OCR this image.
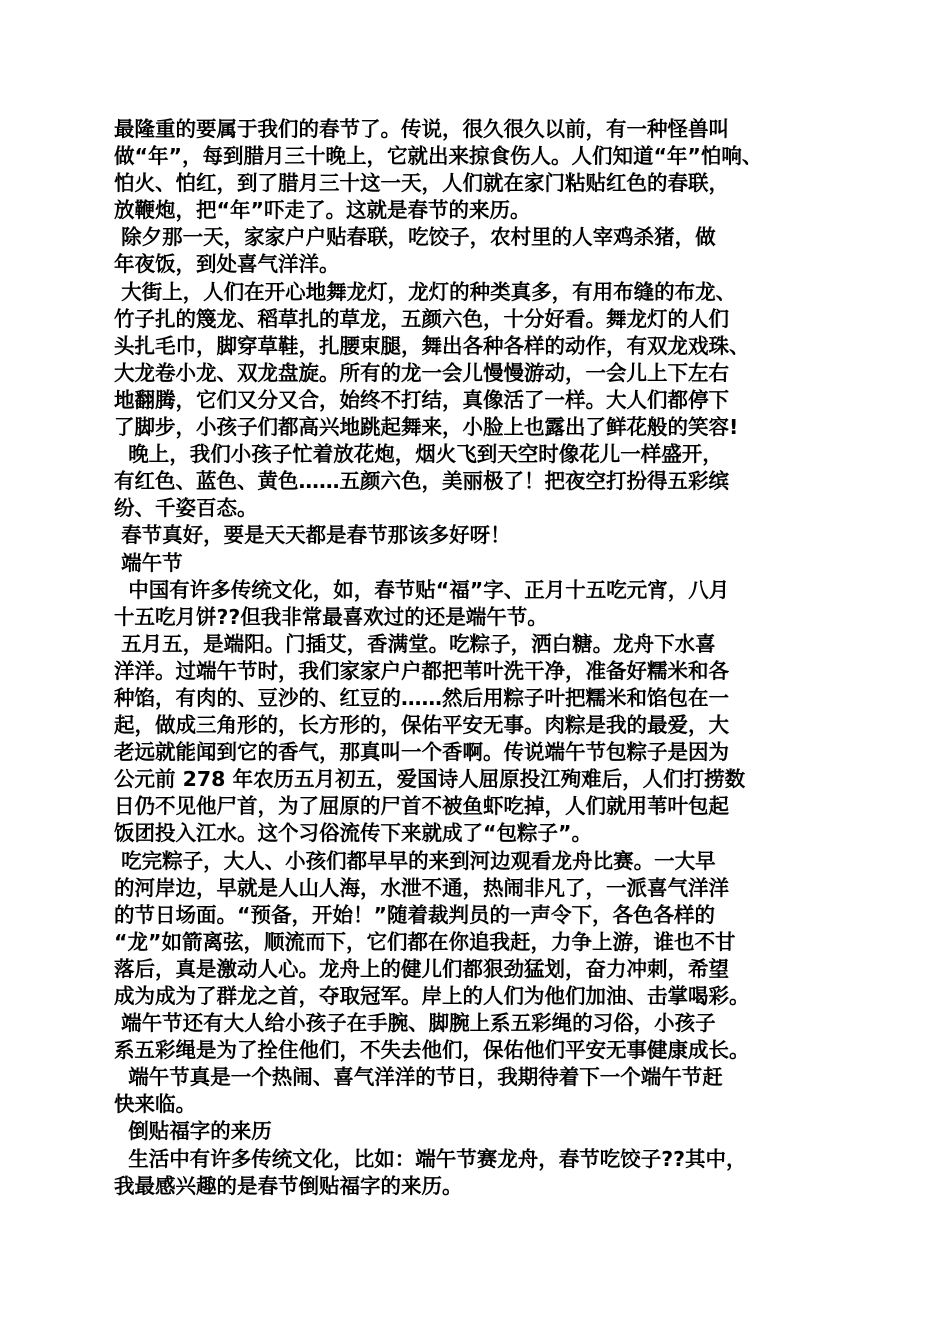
最隆重的要属于我们的春节了。传说，很久很久以前，有一种怪兽叫
做“年”，每到腊月三十晚上，它就出来掠食伤人。人们知道“年”怕响、
怕火、怕红，到了腊月三十这一天，人们就在家门粘贴红色的春联，
放鞭炮，把“年”吓走了。这就是春节的来历。
除夕那一天，家家户户贴春联，吃饺子，农村里的人宰鸡杀猪，做
年夜饭，到处喜气洋洋。
大街上，人们在开心地舞龙灯，龙灯的种类真多，有用布缝的布龙、
竹子扎的篾龙、稻草扎的草龙，五颜六色，十分好看。舞龙灯的人们
头扎毛巾，脚穿草鞋，扎腰束腿，舞出各种各样的动作，有双龙戏珠、
大龙卷小龙、双龙盘旋。所有的龙一会儿慢慢游动，一会儿上下左右
地翻腾，它们又分又合，始终不打结，真像活了一样。大人们都停下
了脚步，小孩子们都高兴地跳起舞来，小脸上也露出了鲜花般的笑容!
晚上，我们小孩子忙着放花炮，烟火飞到天空时像花儿一样盛开，
有红色、蓝色、黄色……五颜六色，美丽极了！把夜空打扮得五彩缤
纷、千姿百态。
春节真好，要是天天都是春节那该多好呀！
端午节
中国有许多传统文化，如，春节贴“福”字、正月十五吃元宵，八月
十五吃月饼??但我非常最喜欢过的还是端午节。
五月五，是端阳。门插艾，香满堂。吃粽子，洒白糖。龙舟下水喜
洋洋。过端午节时，我们家家户户都把苇叶洗干净，准备好糯米和各
种馅，有肉的、豆沙的、红豆的……然后用粽子叶把糯米和馅包在一
起，做成三角形的，长方形的，保佑平安无事。肉粽是我的最爱，大
老远就能闻到它的香气，那真叫一个香啊。传说端午节包粽子是因为
公元前 278 年农历五月初五，爱国诗人屈原投江殉难后，人们打捞数
日仍不见他尸首，为了屈原的尸首不被鱼虾吃掉，人们就用苇叶包起
饭团投入江水。这个习俗流传下来就成了“包粽子”。
吃完粽子，大人、小孩们都早早的来到河边观看龙舟比赛。一大早
的河岸边，早就是人山人海，水泄不通，热闹非凡了，一派喜气洋洋
的节日场面。“预备，开始！”随着裁判员的一声令下，各色各样的
“龙”如箭离弦，顺流而下，它们都在你追我赶，力争上游，谁也不甘
落后，真是激动人心。龙舟上的健儿们都狠劲猛划，奋力冲刺，希望
成为成为了群龙之首，夺取冠军。岸上的人们为他们加油、击掌喝彩。
端午节还有大人给小孩子在手腕、脚腕上系五彩绳的习俗，小孩子
系五彩绳是为了拴住他们，不失去他们，保佑他们平安无事健康成长。
端午节真是一个热闹、喜气洋洋的节日，我期待着下一个端午节赶
快来临。
倒贴福字的来历
生活中有许多传统文化，比如：端午节赛龙舟，春节吃饺子??其中，
我最感兴趣的是春节倒贴福字的来历。
